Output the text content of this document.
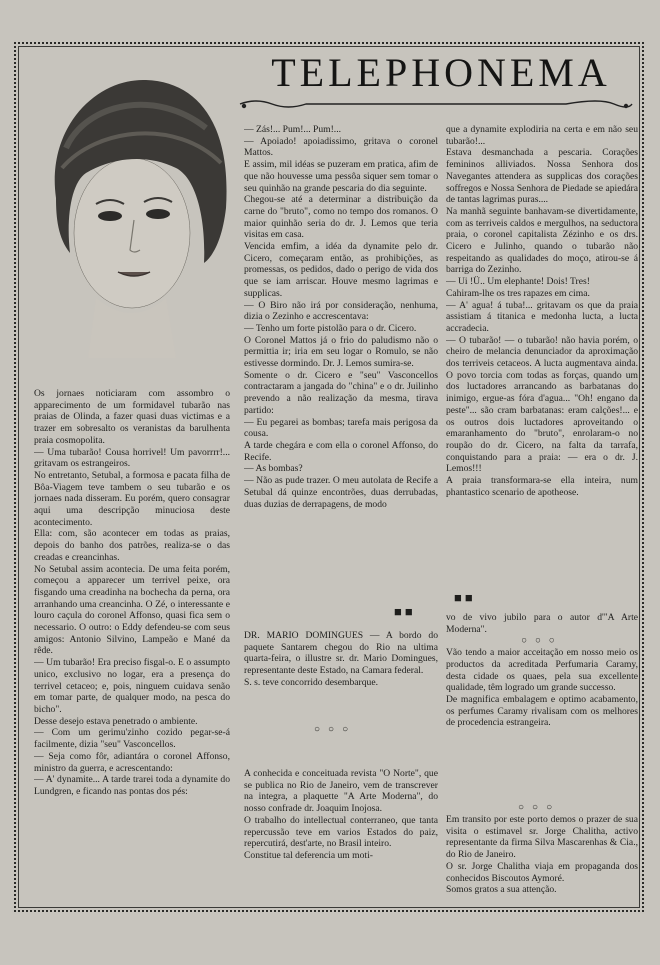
TELEPHONEMA

Os jornaes noticiaram com assombro o apparecimento de um formidavel tubarão nas praias de Olinda, a fazer quasi duas victimas e a trazer em sobresalto os veranistas da barulhenta praia cosmopolita.

— Uma tubarão! Cousa horrivel! Um pavorrrr!... gritavam os estrangeiros.

No entretanto, Setubal, a formosa e pacata filha de Bôa-Viagem teve tambem o seu tubarão e os jornaes nada disseram. Eu porém, quero consagrar aqui uma descripção minuciosa deste acontecimento.

Ella: com, são acontecer em todas as praias, depois do banho dos patrões, realiza-se o das creadas e creancinhas.

No Setubal assim acontecia. De uma feita porém, começou a apparecer um terrivel peixe, ora fisgando uma creadinha na bochecha da perna, ora arranhando uma creancinha. O Zé, o interessante e louro caçula do coronel Affonso, quasi fica sem o necessario. O outro: o Eddy defendeu-se com seus amigos: Antonio Silvino, Lampeão e Mané da rêde.

— Um tubarão! Era preciso fisgal-o. E o assumpto unico, exclusivo no logar, era a presença do terrivel cetaceo; e, pois, ninguem cuidava senão em tomar parte, de qualquer modo, na pesca do bicho".

Desse desejo estava penetrado o ambiente.

— Com um gerimu'zinho cozido pegar-se-á facilmente, dizia "seu" Vasconcellos.

— Seja como fôr, adiantára o coronel Affonso, ministro da guerra, e acrescentando:

— A' dynamite... A tarde trarei toda a dynamite do Lundgren, e ficando nas pontas dos pés:

— Zás!... Pum!... Pum!...

— Apoiado! apoiadissimo, gritava o coronel Mattos.

E assim, mil idéas se puzeram em pratica, afim de que não houvesse uma pessôa siquer sem tomar o seu quinhão na grande pescaria do dia seguinte.

Chegou-se até a determinar a distribuição da carne do "bruto", como no tempo dos romanos. O maior quinhão seria do dr. J. Lemos que teria visitas em casa.

Vencida emfim, a idéa da dynamite pelo dr. Cicero, começaram então, as prohibições, as promessas, os pedidos, dado o perigo de vida dos que se iam arriscar. Houve mesmo lagrimas e supplicas.

— O Biro não irá por consideração, nenhuma, dizia o Zezinho e accrescentava:

— Tenho um forte pistolão para o dr. Cicero.

O Coronel Mattos já o frio do paludismo não o permittia ir; iria em seu logar o Romulo, se não estivesse dormindo. Dr. J. Lemos sumira-se.

Somente o dr. Cicero e "seu" Vasconcellos contractaram a jangada do "china" e o dr. Juilinho prevendo a não realização da mesma, tirava partido:

— Eu pegarei as bombas; tarefa mais perigosa da cousa.

A tarde chegára e com ella o coronel Affonso, do Recife.

— As bombas?

— Não as pude trazer. O meu autolata de Recife a Setubal dá quinze encontrões, duas derrubadas, duas duzias de derrapagens, de modo

■■

DR. MARIO DOMINGUES — A bordo do paquete Santarem chegou do Rio na ultima quarta-feira, o illustre sr. dr. Mario Domingues, representante deste Estado, na Camara federal.

S. s. teve concorrido desembarque.

○○○

A conhecida e conceituada revista "O Norte", que se publica no Rio de Janeiro, vem de transcrever na integra, a plaquette "A Arte Moderna", do nosso confrade dr. Joaquim Inojosa.

O trabalho do intellectual conterraneo, que tanta repercussão teve em varios Estados do paiz, repercutirá, dest'arte, no Brasil inteiro.

Constitue tal deferencia um moti-

que a dynamite explodiria na certa e em não seu tubarão!...

Estava desmanchada a pescaria. Corações femininos alliviados. Nossa Senhora dos Navegantes attendera as supplicas dos corações soffregos e Nossa Senhora de Piedade se apiedára de tantas lagrimas puras....

Na manhã seguinte banhavam-se divertidamente, com as terriveis caldos e mergulhos, na seductora praia, o coronel capitalista Zézinho e os drs. Cicero e Julinho, quando o tubarão não respeitando as qualidades do moço, atirou-se á barriga do Zezinho.

— Ui !Ü.. Um elephante! Dois! Tres!

Cahiram-lhe os tres rapazes em cima.

— A' agua! á tuba!... gritavam os que da praia assistiam á titanica e medonha lucta, a lucta accradecia.

— O tubarão! — o tubarão! não havia porém, o cheiro de melancia denunciador da aproximação dos terriveis cetaceos. A lucta augmentava ainda. O povo torcia com todas as forças, quando um dos luctadores arrancando as barbatanas do inimigo, ergue-as fóra d'agua... "Oh! engano da peste"... são cram barbatanas: eram calções!... e os outros dois luctadores aproveitando o emaranhamento do "bruto", enrolaram-o no roupão do dr. Cicero, na falta da tarrafa, conquistando para a praia: — era o dr. J. Lemos!!!

A praia transformara-se ella inteira, num phantastico scenario de apotheose.

■■

vo de vivo jubilo para o autor d'"A Arte Moderna".

○○○

Vão tendo a maior acceitação em nosso meio os productos da acreditada Perfumaria Caramy, desta cidade os quaes, pela sua excellente qualidade, têm logrado um grande successo.

De magnifica embalagem e optimo acabamento, os perfumes Caramy rivalisam com os melhores de procedencia estrangeira.

○○○

Em transito por este porto demos o prazer de sua visita o estimavel sr. Jorge Chalitha, activo representante da firma Silva Mascarenhas & Cia., do Rio de Janeiro.

O sr. Jorge Chalitha viaja em propaganda dos conhecidos Biscoutos Aymoré.

Somos gratos a sua attenção.
